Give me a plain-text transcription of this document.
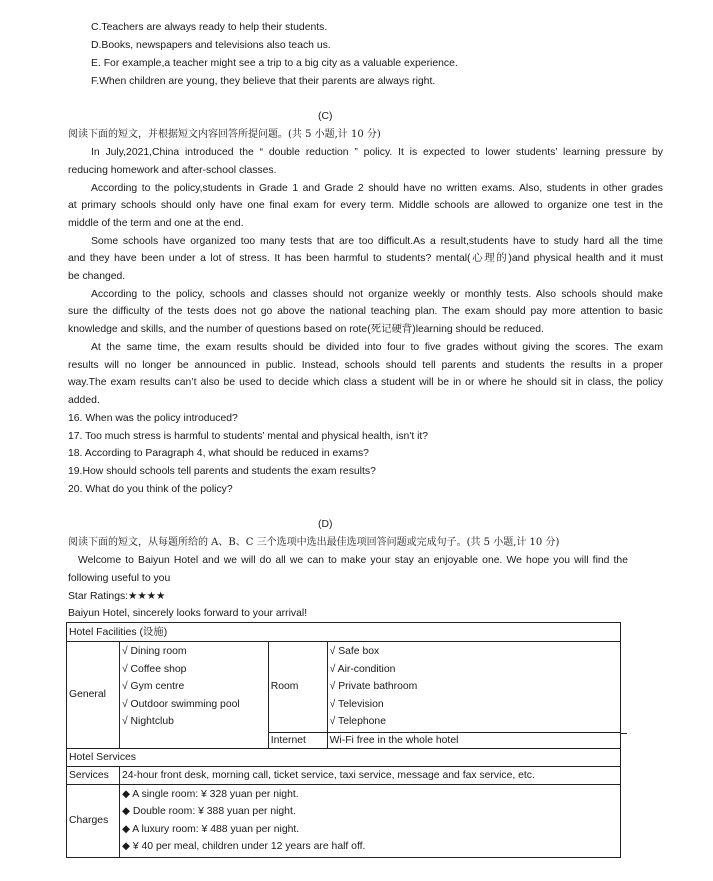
C.Teachers are always ready to help their students.
D.Books, newspapers and televisions also teach us.
E. For example,a teacher might see a trip to a big city as a valuable experience.
F.When children are young, they believe that their parents are always right.
(C)
阅读下面的短文，并根据短文内容回答所提问题。(共 5 小题,计 10 分)
In July,2021,China introduced the “ double reduction ” policy. It is expected to lower students’ learning pressure by
reducing homework and after-school classes.
According to the policy,students in Grade 1 and Grade 2 should have no written exams. Also, students in other grades
at primary schools should only have one final exam for every term. Middle schools are allowed to organize one test in the
middle of the term and one at the end.
Some schools have organized too many tests that are too difficult.As a result,students have to study hard all the time
and they have been under a lot of stress. It has been harmful to students? mental(心理的)and physical health and it must
be changed.
According to the policy, schools and classes should not organize weekly or monthly tests. Also schools should make
sure the difficulty of the tests does not go above the national teaching plan. The exam should pay more attention to basic
knowledge and skills, and the number of questions based on rote(死记硬背)learning should be reduced.
At the same time, the exam results should be divided into four to five grades without giving the scores. The exam
results will no longer be announced in public. Instead, schools should tell parents and students the results in a proper
way.The exam results can’t also be used to decide which class a student will be in or where he should sit in class, the policy
added.
16. When was the policy introduced?
17. Too much stress is harmful to students’ mental and physical health, isn't it?
18. According to Paragraph 4, what should be reduced in exams?
19.How should schools tell parents and students the exam results?
20. What do you think of the policy?
(D)
阅读下面的短文，从每题所给的 A、B、C 三个选项中选出最佳选项回答问题或完成句子。(共 5 小题,计 10 分)
Welcome to Baiyun Hotel and we will do all we can to make your stay an enjoyable one. We hope you will find the
following useful to you
Star Ratings:★★★★
Baiyun Hotel, sincerely looks forward to your arrival!
Hotel Facilities (设施)			
General	√ Dining room
√ Coffee shop
√ Gym centre
√ Outdoor swimming pool
√ Nightclub	Room	√ Safe box
√ Air-condition
√ Private bathroom
√ Television
√ Telephone

		Internet	Wi-Fi free in the whole hotel
Hotel Services			
Services	24-hour front desk, morning call, ticket service, taxi service, message and fax service, etc.		
Charges	◆ A single room: ¥ 328 yuan per night.
◆ Double room: ¥ 388 yuan per night.
◆ A luxury room: ¥ 488 yuan per night.
◆ ¥ 40 per meal, children under 12 years are half off.		
